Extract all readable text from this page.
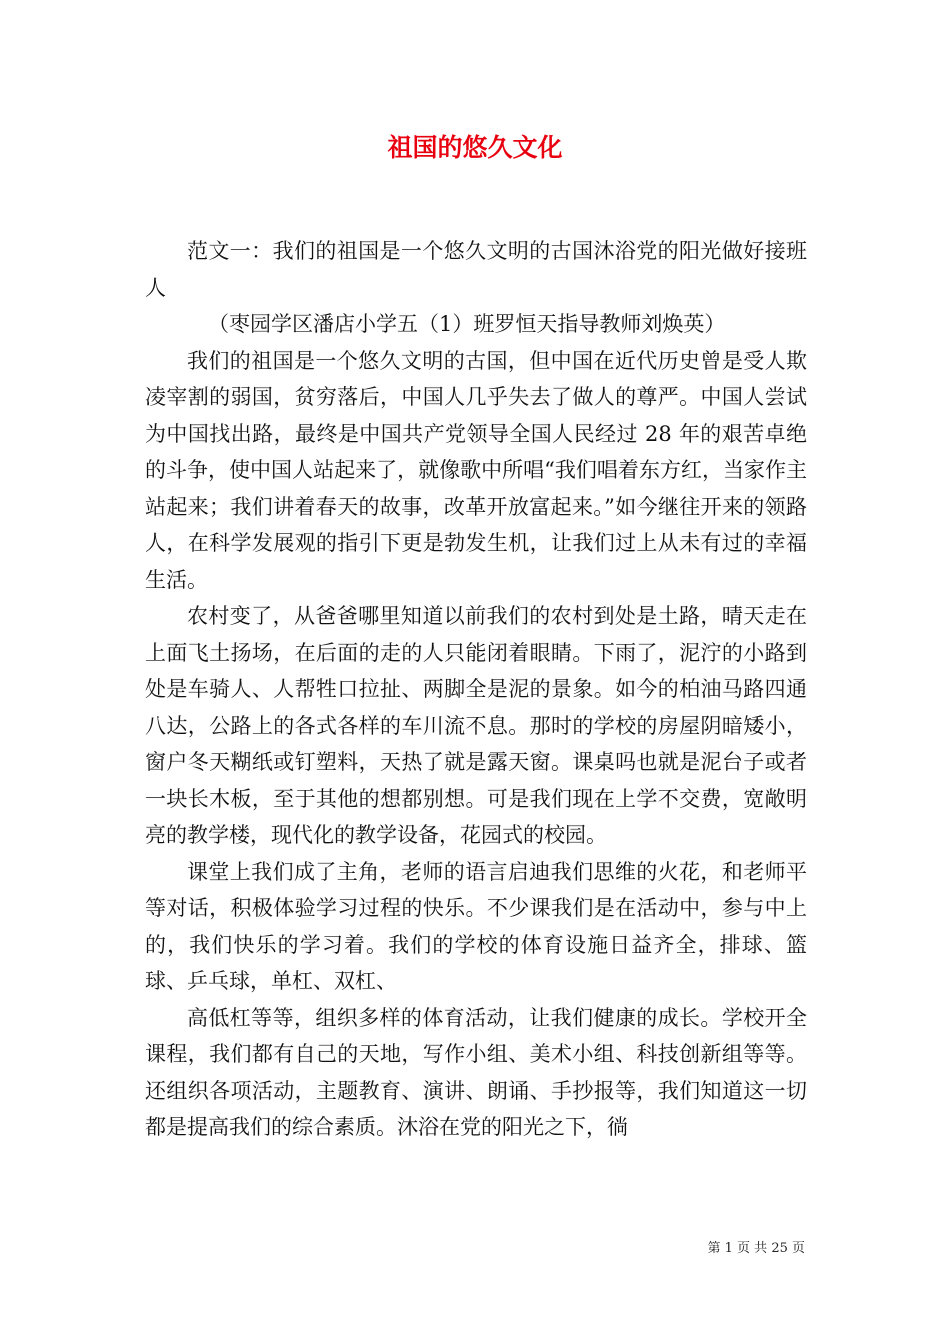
祖国的悠久文化

范文一：我们的祖国是一个悠久文明的古国沐浴党的阳光做好接班人

（枣园学区潘店小学五（1）班罗恒天指导教师刘焕英）

我们的祖国是一个悠久文明的古国，但中国在近代历史曾是受人欺凌宰割的弱国，贫穷落后，中国人几乎失去了做人的尊严。中国人尝试为中国找出路，最终是中国共产党领导全国人民经过 28 年的艰苦卓绝的斗争，使中国人站起来了，就像歌中所唱“我们唱着东方红，当家作主站起来；我们讲着春天的故事，改革开放富起来。”如今继往开来的领路人，在科学发展观的指引下更是勃发生机，让我们过上从未有过的幸福生活。

农村变了，从爸爸哪里知道以前我们的农村到处是土路，晴天走在上面飞土扬场，在后面的走的人只能闭着眼睛。下雨了，泥泞的小路到处是车骑人、人帮牲口拉扯、两脚全是泥的景象。如今的柏油马路四通八达，公路上的各式各样的车川流不息。那时的学校的房屋阴暗矮小，窗户冬天糊纸或钉塑料，天热了就是露天窗。课桌吗也就是泥台子或者一块长木板，至于其他的想都别想。可是我们现在上学不交费，宽敞明亮的教学楼，现代化的教学设备，花园式的校园。

课堂上我们成了主角，老师的语言启迪我们思维的火花，和老师平等对话，积极体验学习过程的快乐。不少课我们是在活动中，参与中上的，我们快乐的学习着。我们的学校的体育设施日益齐全，排球、篮球、乒乓球，单杠、双杠、

高低杠等等，组织多样的体育活动，让我们健康的成长。学校开全课程，我们都有自己的天地，写作小组、美术小组、科技创新组等等。还组织各项活动，主题教育、演讲、朗诵、手抄报等，我们知道这一切都是提高我们的综合素质。沐浴在党的阳光之下，徜

第 1 页 共 25 页
